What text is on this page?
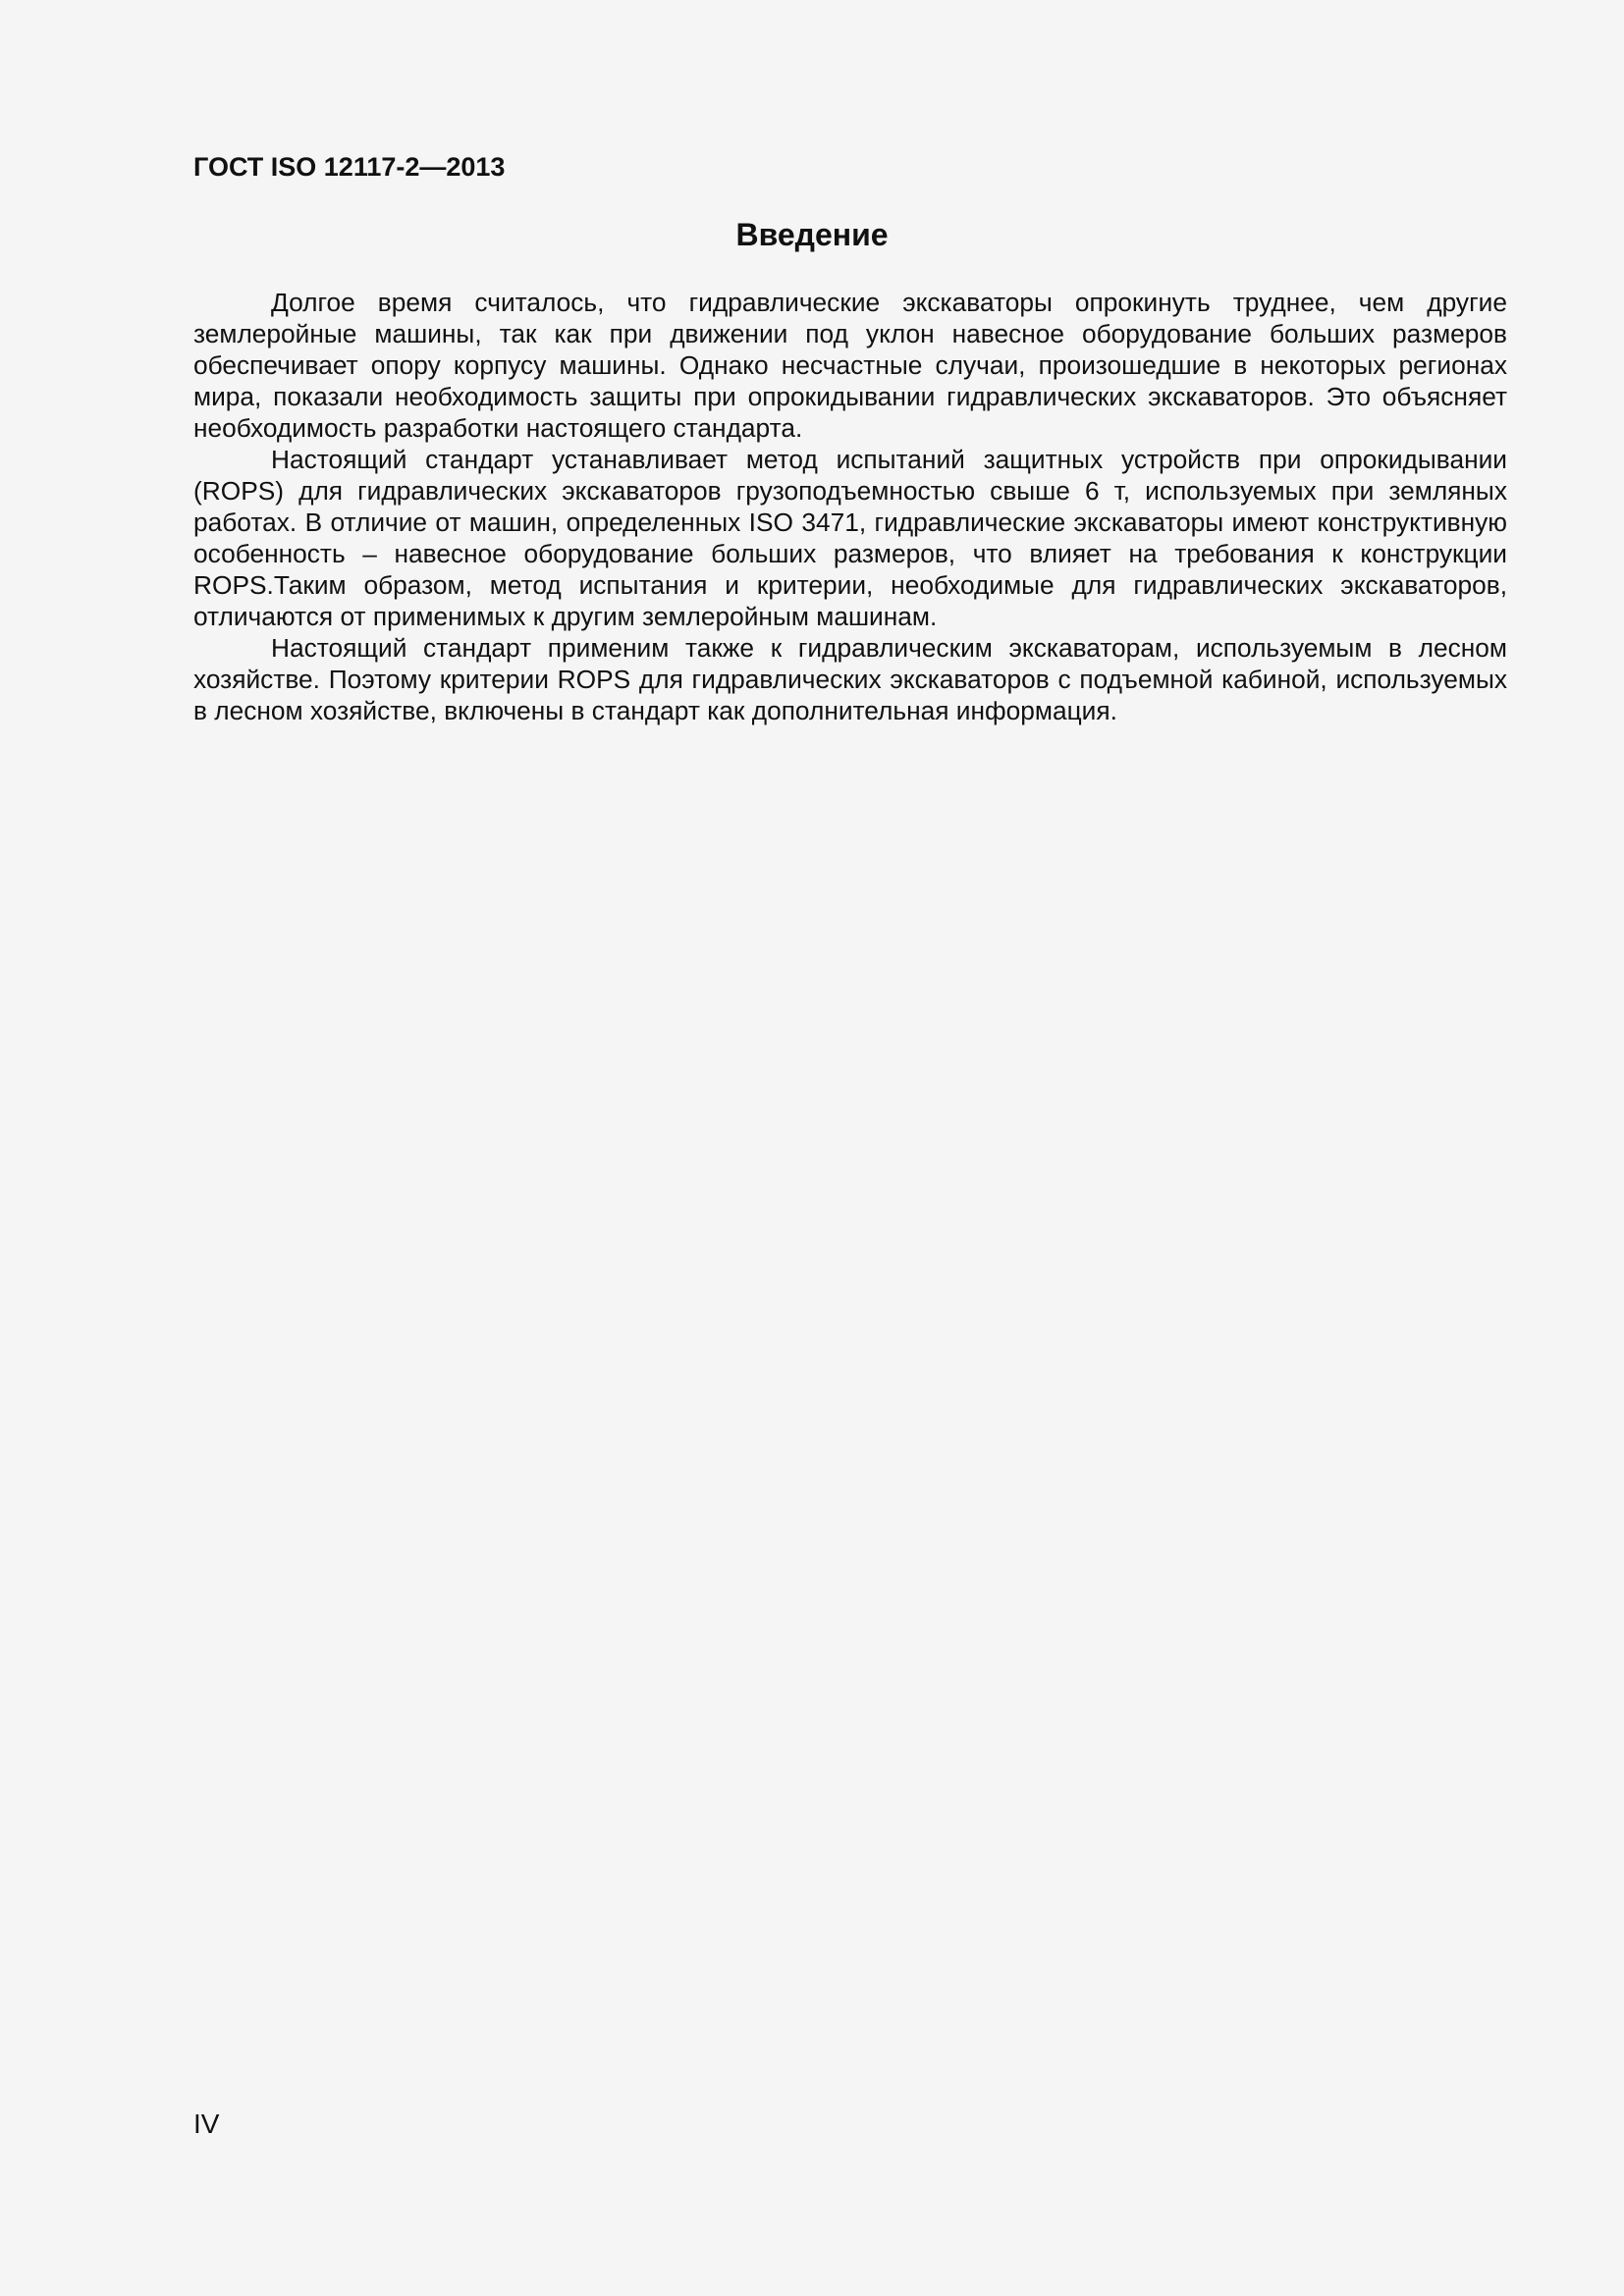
ГОСТ ISO 12117-2—2013
Введение

Долгое время считалось, что гидравлические экскаваторы опрокинуть труднее, чем другие землеройные машины, так как при движении под уклон навесное оборудование больших размеров обеспечивает опору корпусу машины. Однако несчастные случаи, произошедшие в некоторых регионах мира, показали необходимость защиты при опрокидывании гидравлических экскаваторов. Это объясняет необходимость разработки настоящего стандарта.

Настоящий стандарт устанавливает метод испытаний защитных устройств при опрокидывании (ROPS) для гидравлических экскаваторов грузоподъемностью свыше 6 т, используемых при земляных работах. В отличие от машин, определенных ISO 3471, гидравлические экскаваторы имеют конструктивную особенность – навесное оборудование больших размеров, что влияет на требования к конструкции ROPS.Таким образом, метод испытания и критерии, необходимые для гидравлических экскаваторов, отличаются от применимых к другим землеройным машинам.

Настоящий стандарт применим также к гидравлическим экскаваторам, используемым в лесном хозяйстве. Поэтому критерии ROPS для гидравлических экскаваторов с подъемной кабиной, используемых в лесном хозяйстве, включены в стандарт как дополнительная информация.

IV
